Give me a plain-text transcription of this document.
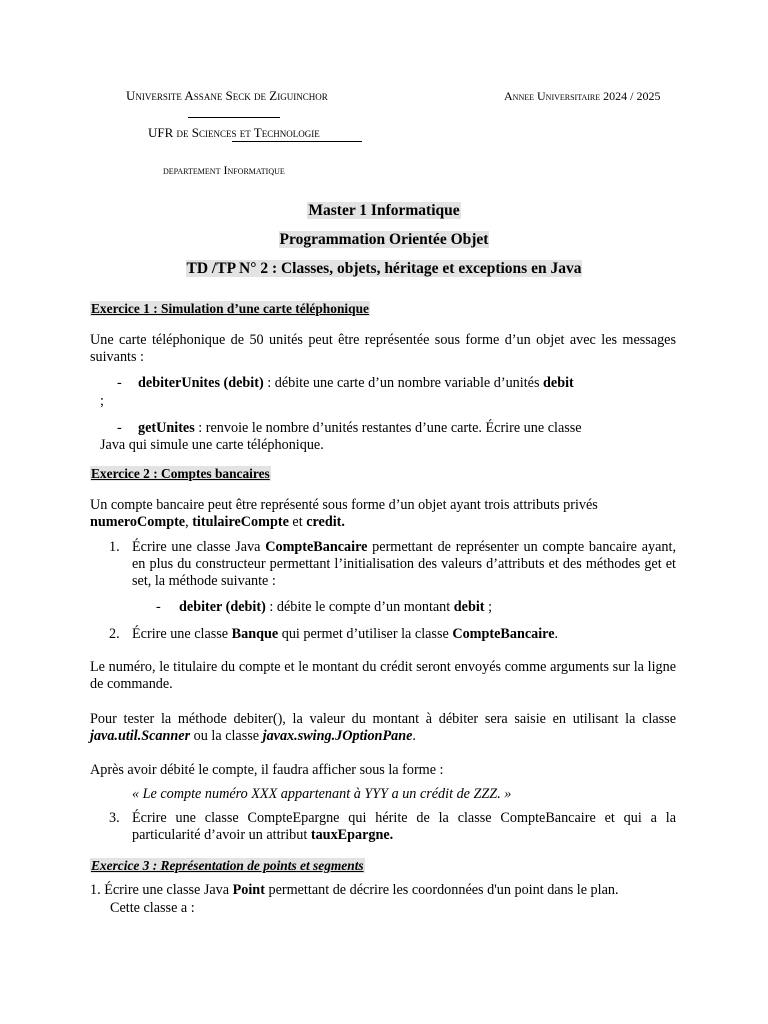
Universite Assane Seck de Ziguinchor	Annee Universitaire 2024 / 2025
UFR de Sciences et Technologie
departement Informatique
Master 1 Informatique
Programmation Orientée Objet
TD /TP N° 2 : Classes, objets, héritage et exceptions en Java
Exercice 1 : Simulation d’une carte téléphonique
Une carte téléphonique de 50 unités peut être représentée sous forme d’un objet avec les messages suivants :
- debiterUnites (debit) : débite une carte d’un nombre variable d’unités debit
;
- getUnites : renvoie le nombre d’unités restantes d’une carte. Écrire une classe
Java qui simule une carte téléphonique.
Exercice 2 : Comptes bancaires
Un compte bancaire peut être représenté sous forme d’un objet ayant trois attributs privés
numeroCompte, titulaireCompte et credit.
1. Écrire une classe Java CompteBancaire permettant de représenter un compte bancaire ayant, en plus du constructeur permettant l’initialisation des valeurs d’attributs et des méthodes get et set, la méthode suivante :
- debiter (debit) : débite le compte d’un montant debit ;
2. Écrire une classe Banque qui permet d’utiliser la classe CompteBancaire.
Le numéro, le titulaire du compte et le montant du crédit seront envoyés comme arguments sur la ligne de commande.
Pour tester la méthode debiter(), la valeur du montant à débiter sera saisie en utilisant la classe java.util.Scanner ou la classe javax.swing.JOptionPane.
Après avoir débité le compte, il faudra afficher sous la forme :
« Le compte numéro XXX appartenant à YYY a un crédit de ZZZ. »
3. Écrire une classe CompteEpargne qui hérite de la classe CompteBancaire et qui a la particularité d’avoir un attribut tauxEpargne.
Exercice 3 : Représentation de points et segments
1. Écrire une classe Java Point permettant de décrire les coordonnées d'un point dans le plan.
Cette classe a :
